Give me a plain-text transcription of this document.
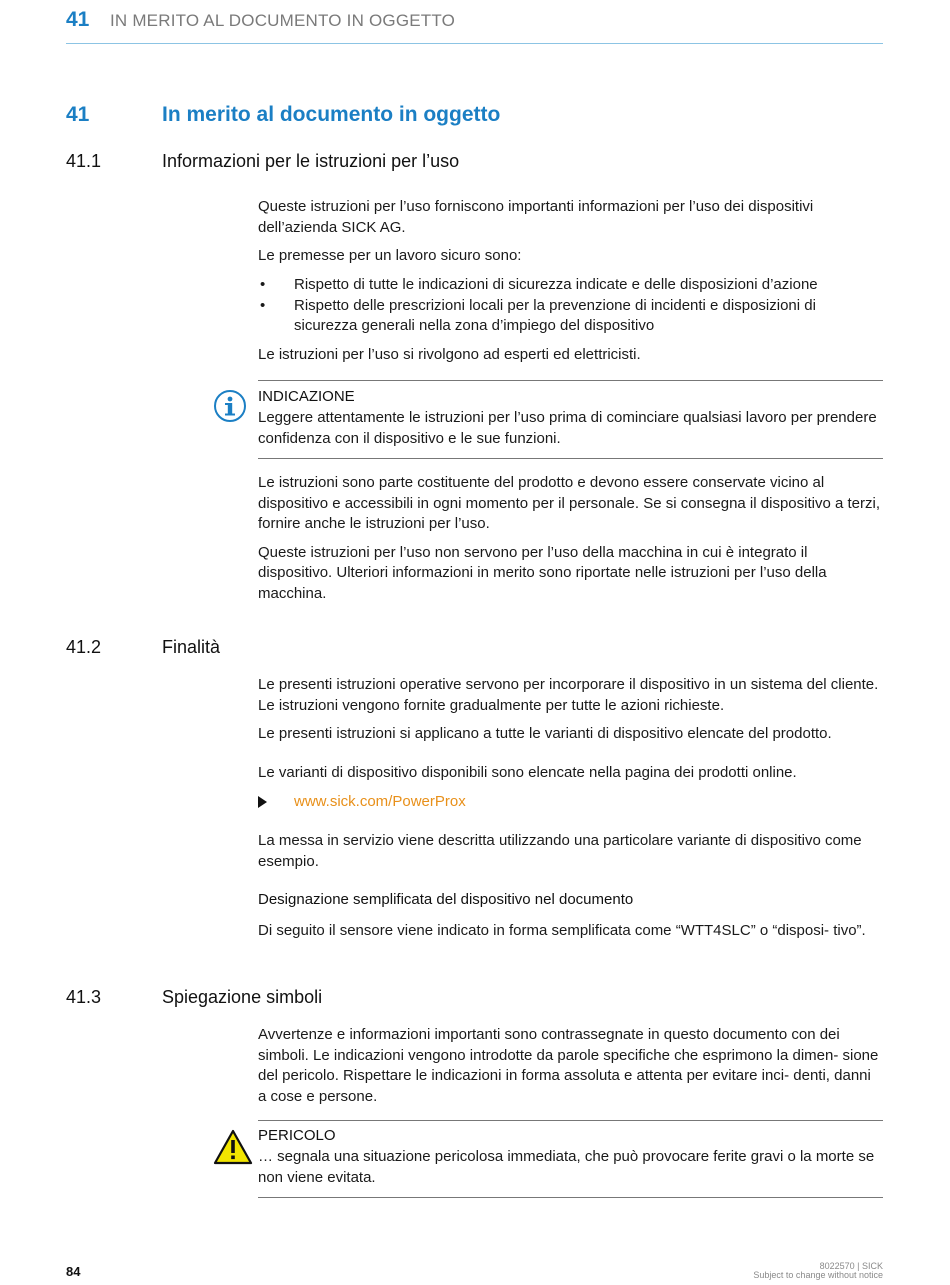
41 IN MERITO AL DOCUMENTO IN OGGETTO
41	In merito al documento in oggetto
41.1	Informazioni per le istruzioni per l’uso

Queste istruzioni per l’uso forniscono importanti informazioni per l’uso dei dispositivi dell’azienda SICK AG.

Le premesse per un lavoro sicuro sono:

• Rispetto di tutte le indicazioni di sicurezza indicate e delle disposizioni d’azione
• Rispetto delle prescrizioni locali per la prevenzione di incidenti e disposizioni di sicurezza generali nella zona d’impiego del dispositivo

Le istruzioni per l’uso si rivolgono ad esperti ed elettricisti.

INDICAZIONE
Leggere attentamente le istruzioni per l’uso prima di cominciare qualsiasi lavoro per prendere confidenza con il dispositivo e le sue funzioni.

Le istruzioni sono parte costituente del prodotto e devono essere conservate vicino al dispositivo e accessibili in ogni momento per il personale. Se si consegna il dispositivo a terzi, fornire anche le istruzioni per l’uso.

Queste istruzioni per l’uso non servono per l’uso della macchina in cui è integrato il dispositivo. Ulteriori informazioni in merito sono riportate nelle istruzioni per l’uso della macchina.

41.2	Finalità

Le presenti istruzioni operative servono per incorporare il dispositivo in un sistema del cliente. Le istruzioni vengono fornite gradualmente per tutte le azioni richieste.

Le presenti istruzioni si applicano a tutte le varianti di dispositivo elencate del prodotto.

Le varianti di dispositivo disponibili sono elencate nella pagina dei prodotti online.

www.sick.com/PowerProx

La messa in servizio viene descritta utilizzando una particolare variante di dispositivo come esempio.

Designazione semplificata del dispositivo nel documento

Di seguito il sensore viene indicato in forma semplificata come “WTT4SLC” o “disposi- tivo”.

41.3	Spiegazione simboli

Avvertenze e informazioni importanti sono contrassegnate in questo documento con dei simboli. Le indicazioni vengono introdotte da parole specifiche che esprimono la dimen- sione del pericolo. Rispettare le indicazioni in forma assoluta e attenta per evitare inci- denti, danni a cose e persone.

PERICOLO
… segnala una situazione pericolosa immediata, che può provocare ferite gravi o la morte se non viene evitata.
84	8022570 | SICK
Subject to change without notice
